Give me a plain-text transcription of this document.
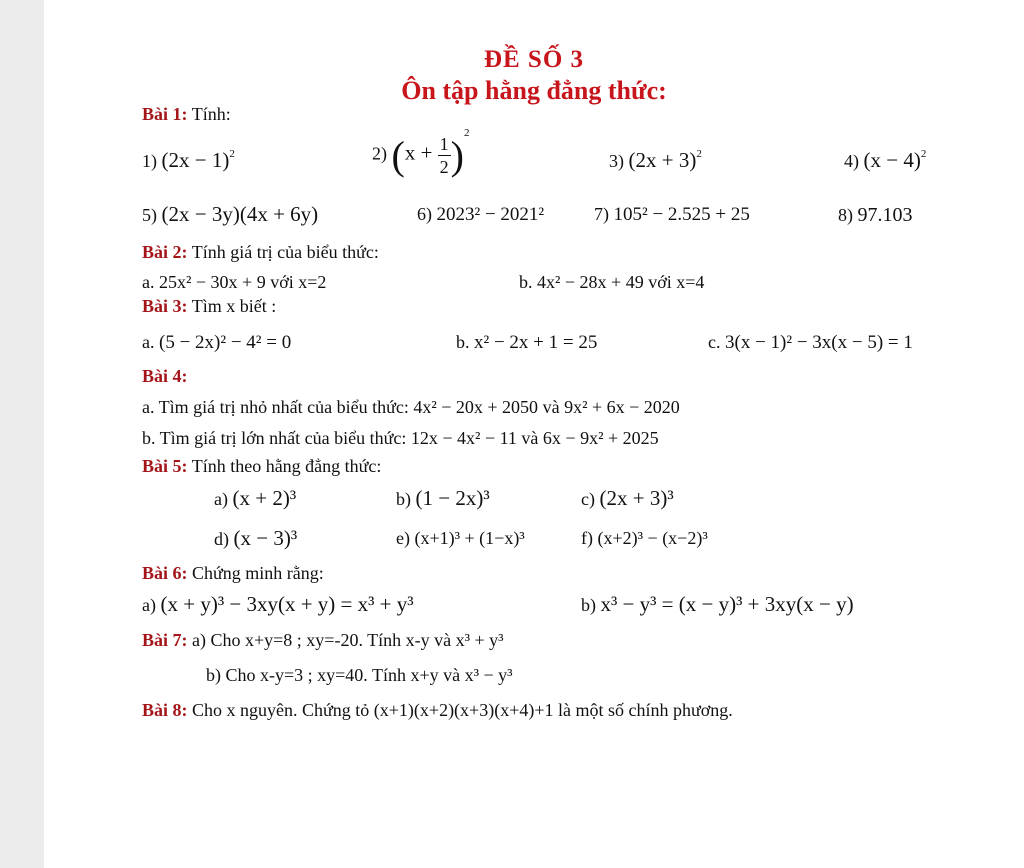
ĐỀ SỐ 3
Ôn tập hằng đẳng thức:
Bài 1: Tính:
1) $(2x - 1)^2$	2) $(x + \frac{1}{2} )^2$
3) $(2x + 3)^2$	4) $(x - 4)^2$
5) (2x − 3y)(4x + 6y)	6) 2023² − 2021²	7) 105² − 2.525 + 25	8) 97.103
Bài 2: Tính giá trị của biểu thức:
a. 25x² − 30x + 9 với x=2	b. 4x² − 28x + 49 với x=4
Bài 3: Tìm x biết :
a. (5 − 2x)² − 4² = 0	b. x² − 2x + 1 = 25	c. 3(x − 1)² − 3x(x − 5) = 1
Bài 4:
a. Tìm giá trị nhỏ nhất của biểu thức: 4x² − 20x + 2050 và 9x² + 6x − 2020
b. Tìm giá trị lớn nhất của biểu thức: 12x − 4x² − 11 và 6x − 9x² + 2025
Bài 5: Tính theo hằng đẳng thức:
a) (x + 2)³	b) (1 − 2x)³	c) (2x + 3)³
d) (x − 3)³	e) (x+1)³ + (1−x)³	f) (x+2)³ − (x−2)³
Bài 6: Chứng minh rằng:
a) (x + y)³ − 3xy(x + y) = x³ + y³	b) x³ − y³ = (x − y)³ + 3xy(x − y)
Bài 7: a) Cho x+y=8 ; xy=-20. Tính x-y và x³ + y³
b) Cho x-y=3 ; xy=40. Tính x+y và x³ − y³
Bài 8: Cho x nguyên. Chứng tỏ (x+1)(x+2)(x+3)(x+4)+1 là một số chính phương.
